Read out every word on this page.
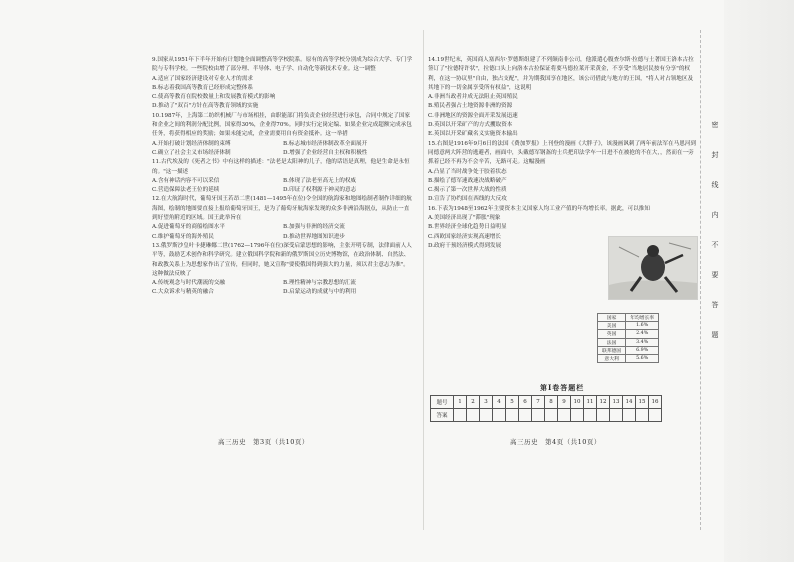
密
封
线
内
不
要
答
题
9.国家从1951年下半年开始有计划地全面调整高等学校院系。原有的高等学校分别成为综合大学、专门学院与专科学校。一些院校由增了部分理、半导体、电子学、自动化等新技术专业。这一调整
A.适应了国家经济建设对专业人才的需求
B.标志着我国高等教育已经形成完整体系
C.使高等教育在院校数量上和发展教育模式的影响
D.推动了"双百"方针在高等教育领域的实施
10.1987年，上海第二纺织机械厂与市场相挂，由职能部门将负责企业经营进行承包，合同中规定了国家和企业之间的利润分配比例，国家得30%，企业得70%。同时实行定岗定编、如果企业完成超额完成承包任务，将获得相应的奖励；如果未能完成，企业需要用自有资金抵补。这一举措
A.开始打破计划经济体制的束缚	B.标志城市经济体制改革全面展开
C.确立了社会主义市场经济体制	D.增强了企业经营自主权和积极性
11.古代埃及的《死者之书》中有这样的描述："法老是太阳神的儿子，他的话语是真理，他是生命是永恒的。"这一描述
A.含有神话内容不可以采信	B.体现了法老至高无上的权威
C.营造保障法老王位的延续	D.印证了权利源于神灵的意志
12.在大航海时代，葡萄牙国王若昂二世(1481—1495年在位)令全国的航海家和地图绘制者制作详细的航海图，绘制的地图要直接上报给葡萄牙国王，是为了葡萄牙航海家发现的众多非洲沿海据点，从防止一直到好望角附近的区域。国王此举旨在
A.促进葡萄牙的商船绘图水平	B.加强与非洲的经济交流
C.维护葡萄牙的海外殖民	D.推动世界地图知识进步
13.俄罗斯沙皇叶卡捷琳娜二世(1762—1796年在位)深受启蒙思想的影响，主张开明专制，法律面前人人平等，鼓励艺术创作和科学研究。建立俄国科学院和新的俄罗斯国立历史博物馆，在政治体制、自然法、和政教关系上为思想家作出了宣传，但同时，她又宣称"要使俄国得到强大的力量，须以君主意志为准"。这种做法反映了
A.传统观念与时代潮流的交融	B.理性精神与宗教思想的汇流
C.大众诉求与精英的融合	D.启蒙运动的成就与中的利用
14.19世纪末，英国商人塞西尔·罗德斯组建了不列颠南非公司，他派遣心腹查尔斯·拉德与土著国王洛本古拉签订了"拉德特许状"，拉德口头上向洛本古拉保证将要马德拉莱开采黄金，不享受"当地居民按有分享"的权利，在这一协议里"自由，独占支配"，并为期我国享在地区，该公司借此与地方的王国，"将人对占领地区及其地下的一切金属享受所有权益"，这说明
A.非洲当政者并成无法阻止英国殖民
B.殖民者强占土地资源非洲的资源
C.非洲地区的资源全面开采发展迅速
D.英国以开采矿产的方式攫取资本
E.英国以开采矿藏名义实施资本输出
15.右图是1916年9月6日的法国《费加罗报》上刊登的漫画《大胖子》，该漫画讽刺了两年前法军在马恩河到同德意两大阵营的逃避者，画面中，头戴德军钢盔的士兵把印法学车一日进不在被抢的不在大，，然而在一旁抓着已经不再为不会辛苦，无路可走。这幅漫画
A.凸显了当时战争处于胶着状态
B.描绘了德军速战速决战略破产
C.揭示了第一次世界大战的性质
D.宣告了协约国在西线的大反攻
16.下表为1948至1962年主要资本主义国家人均工业产值的年均增长率。据此，可以推知
A.美国经济出现了"滞胀"现象
B.世界经济全球化趋势日益明显
C.西欧国家经济实现高速增长
D.政府干预经济模式得到发展
国家	年均增长率
美国	1.6%
英国	2.4%
法国	3.4%
联邦德国	6.9%
意大利	5.6%
第Ⅰ卷答题栏
题号	1	2	3	4	5	6	7	8	9	10	11	12	13	14	15	16
答案																
高三历史　第3页（共10页）	高三历史　第4页（共10页）
